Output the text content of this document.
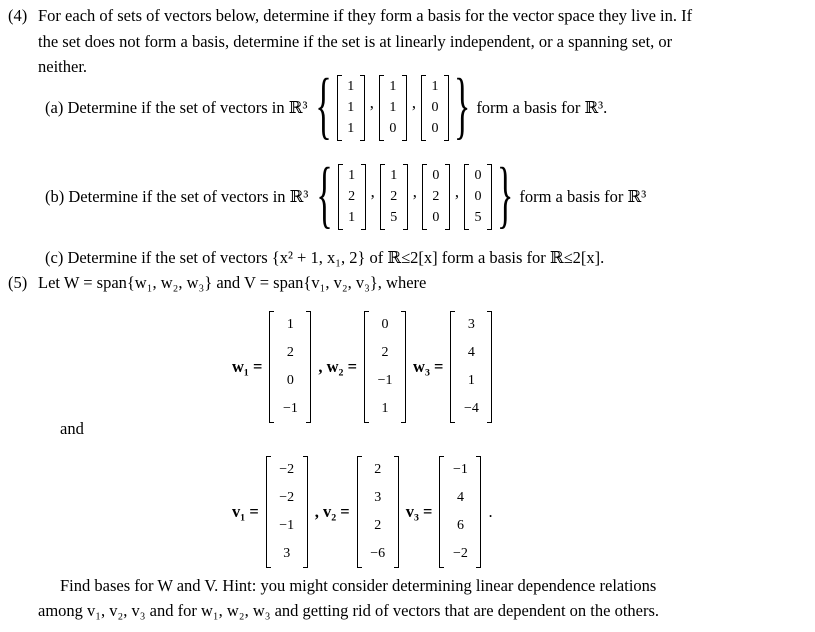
(4) For each of sets of vectors below, determine if they form a basis for the vector space they live in. If
the set does not form a basis, determine if the set is at linearly independent, or a spanning set, or
neither.
(a) Determine if the set of vectors in ℝ³ { 1
1
1
,
1
1
0
,
1
0
0 } form a basis for ℝ³.
(b) Determine if the set of vectors in ℝ³ { 1
2
1
,
1
2
5
,
0
2
0
,
0
0
5 } form a basis for ℝ³
(c) Determine if the set of vectors {x² + 1, x₁, 2} of ℝ≤2[x] form a basis for ℝ≤2[x].
(5) Let W = span{w₁, w₂, w₃} and V = span{v₁, v₂, v₃}, where
w₁ =
1
2
0
−1
, w₂ =
0
2
−1
1
w₃ =
3
4
1
−4
and
v₁ =
−2
−2
−1
3
, v₂ =
2
3
2
−6
v₃ =
−1
4
6
−2
.
Find bases for W and V. Hint: you might consider determining linear dependence relations
among v₁, v₂, v₃ and for w₁, w₂, w₃ and getting rid of vectors that are dependent on the others.
